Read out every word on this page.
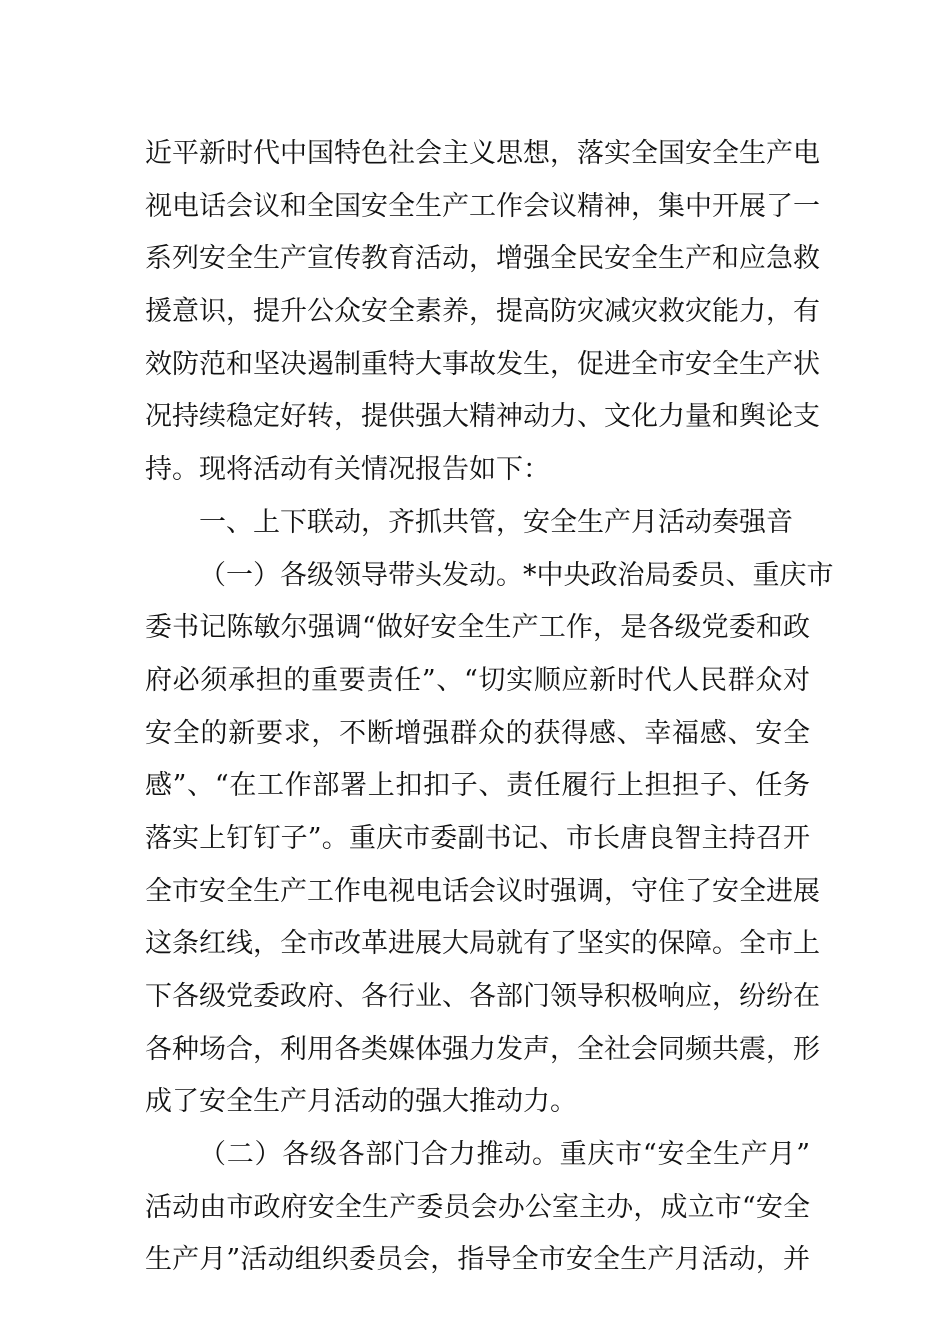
近平新时代中国特色社会主义思想，落实全国安全生产电
视电话会议和全国安全生产工作会议精神，集中开展了一
系列安全生产宣传教育活动，增强全民安全生产和应急救
援意识，提升公众安全素养，提高防灾减灾救灾能力，有
效防范和坚决遏制重特大事故发生，促进全市安全生产状
况持续稳定好转，提供强大精神动力、文化力量和舆论支
持。现将活动有关情况报告如下：
一、上下联动，齐抓共管，安全生产月活动奏强音
（一）各级领导带头发动。*中央政治局委员、重庆市
委书记陈敏尔强调“做好安全生产工作，是各级党委和政
府必须承担的重要责任”、“切实顺应新时代人民群众对
安全的新要求，不断增强群众的获得感、幸福感、安全
感”、“在工作部署上扣扣子、责任履行上担担子、任务
落实上钉钉子”。重庆市委副书记、市长唐良智主持召开
全市安全生产工作电视电话会议时强调，守住了安全进展
这条红线，全市改革进展大局就有了坚实的保障。全市上
下各级党委政府、各行业、各部门领导积极响应，纷纷在
各种场合，利用各类媒体强力发声，全社会同频共震，形
成了安全生产月活动的强大推动力。
（二）各级各部门合力推动。重庆市“安全生产月”
活动由市政府安全生产委员会办公室主办，成立市“安全
生产月”活动组织委员会，指导全市安全生产月活动，并
